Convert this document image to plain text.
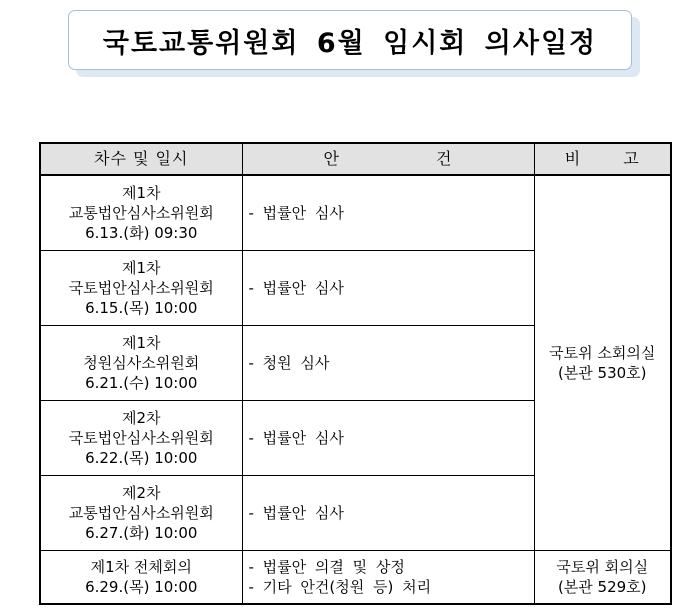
국토교통위원회 6월 임시회 의사일정
차수 및 일시	안 건	비 고

제1차
교통법안심사소위원회
6.13.(화) 09:30	- 법률안 심사	국토위 소회의실
(본관 530호)

제1차
국토법안심사소위원회
6.15.(목) 10:00	- 법률안 심사	

제1차
청원심사소위원회
6.21.(수) 10:00	- 청원 심사	

제2차
국토법안심사소위원회
6.22.(목) 10:00	- 법률안 심사	

제2차
교통법안심사소위원회
6.27.(화) 10:00	- 법률안 심사	

제1차 전체회의
6.29.(목) 10:00	- 법률안 의결 및 상정
- 기타 안건(청원 등) 처리	국토위 회의실
(본관 529호)
